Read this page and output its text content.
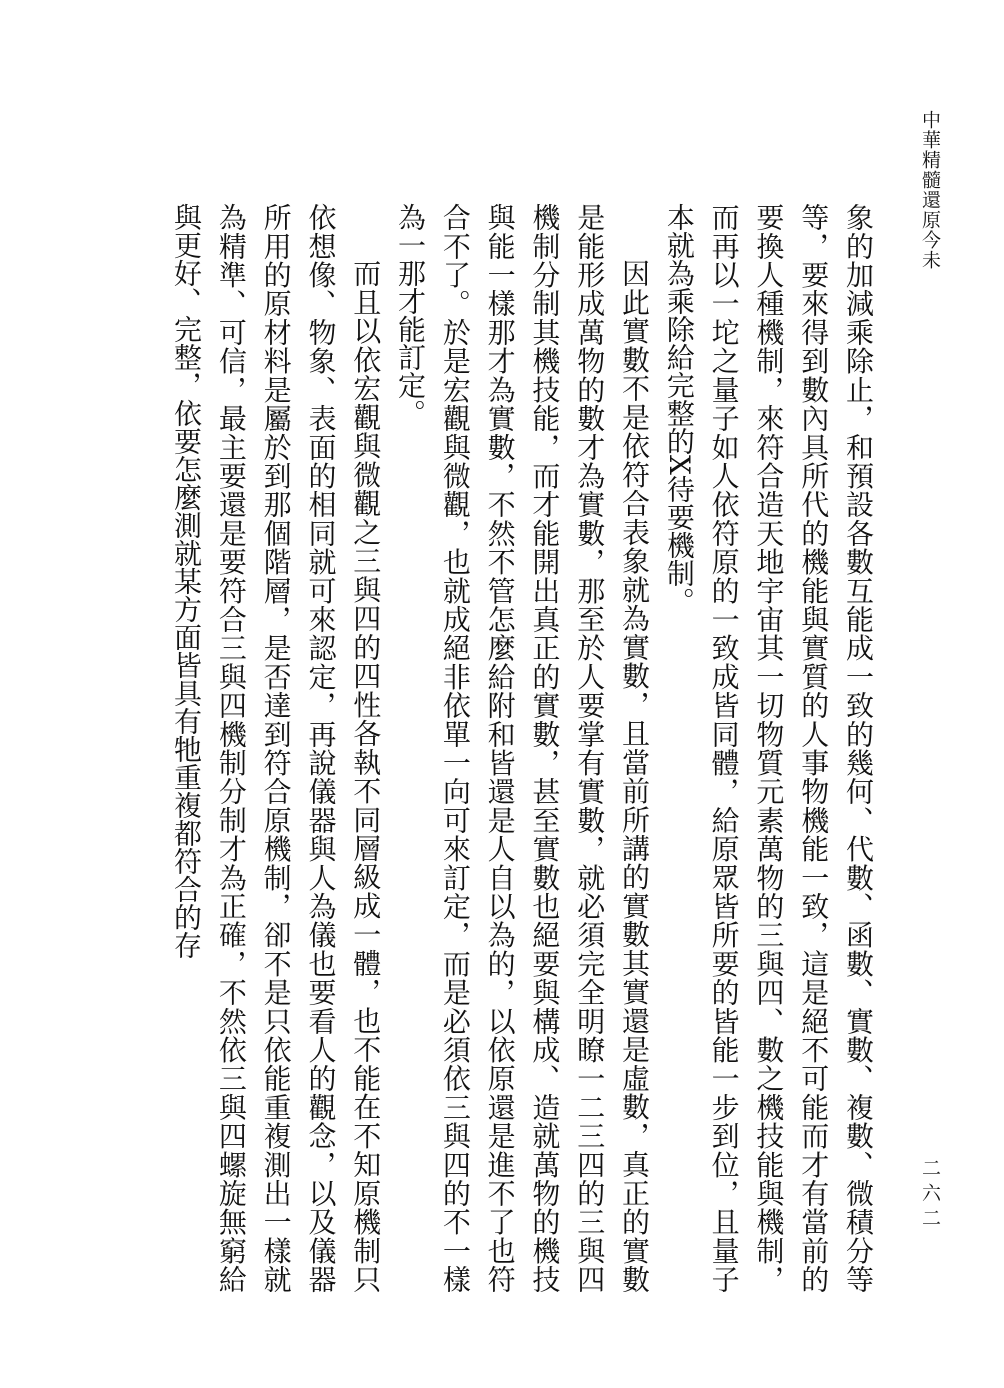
中華精髓還原今未
二六二

象的加減乘除止，和預設各數互能成一致的幾何、代數、函數、實數、複數、微積分等等，要來得到數內具所代的機能與實質的人事物機能一致，這是絕不可能而才有當前的要換人種機制，來符合造天地宇宙其一切物質元素萬物的三與四、數之機技能與機制，而再以一坨之量子如人依符原的一致成皆同體，給原眾皆所要的皆能一步到位，且量子本就為乘除給完整的X待要機制。

因此實數不是依符合表象就為實數，且當前所講的實數其實還是虛數，真正的實數是能形成萬物的數才為實數，那至於人要掌有實數，就必須完全明瞭一二三四的三與四機制分制其機技能，而才能開出真正的實數，甚至實數也絕要與構成、造就萬物的機技與能一樣那才為實數，不然不管怎麼給附和皆還是人自以為的，以依原還是進不了也符合不了。於是宏觀與微觀，也就成絕非依單一向可來訂定，而是必須依三與四的不一樣為一那才能訂定。

而且以依宏觀與微觀之三與四的四性各執不同層級成一體，也不能在不知原機制只依想像、物象、表面的相同就可來認定，再說儀器與人為儀也要看人的觀念，以及儀器所用的原材料是屬於到那個階層，是否達到符合原機制，卻不是只依能重複測出一樣就為精準、可信，最主要還是要符合三與四機制分制才為正確，不然依三與四螺旋無窮給與更好、完整，依要怎麼測就某方面皆具有牠重複都符合的存
